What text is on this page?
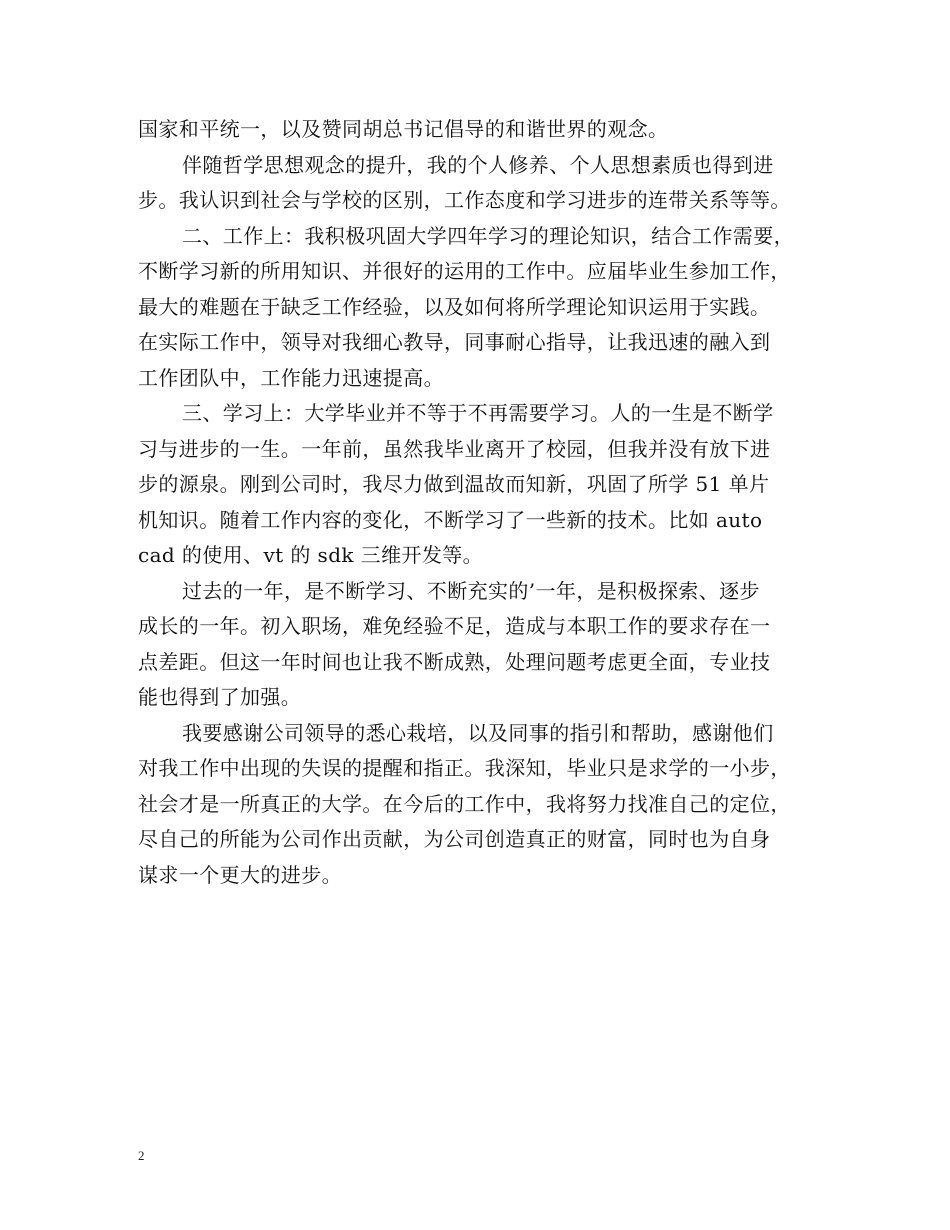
国家和平统一，以及赞同胡总书记倡导的和谐世界的观念。
伴随哲学思想观念的提升，我的个人修养、个人思想素质也得到进
步。我认识到社会与学校的区别，工作态度和学习进步的连带关系等等。
二、工作上：我积极巩固大学四年学习的理论知识，结合工作需要，
不断学习新的所用知识、并很好的运用的工作中。应届毕业生参加工作，
最大的难题在于缺乏工作经验，以及如何将所学理论知识运用于实践。
在实际工作中，领导对我细心教导，同事耐心指导，让我迅速的融入到
工作团队中，工作能力迅速提高。
三、学习上：大学毕业并不等于不再需要学习。人的一生是不断学
习与进步的一生。一年前，虽然我毕业离开了校园，但我并没有放下进
步的源泉。刚到公司时，我尽力做到温故而知新，巩固了所学 51 单片
机知识。随着工作内容的变化，不断学习了一些新的技术。比如 auto
cad 的使用、vt 的 sdk 三维开发等。
过去的一年，是不断学习、不断充实的’一年，是积极探索、逐步
成长的一年。初入职场，难免经验不足，造成与本职工作的要求存在一
点差距。但这一年时间也让我不断成熟，处理问题考虑更全面，专业技
能也得到了加强。
我要感谢公司领导的悉心栽培，以及同事的指引和帮助，感谢他们
对我工作中出现的失误的提醒和指正。我深知，毕业只是求学的一小步，
社会才是一所真正的大学。在今后的工作中，我将努力找准自己的定位，
尽自己的所能为公司作出贡献，为公司创造真正的财富，同时也为自身
谋求一个更大的进步。
2
